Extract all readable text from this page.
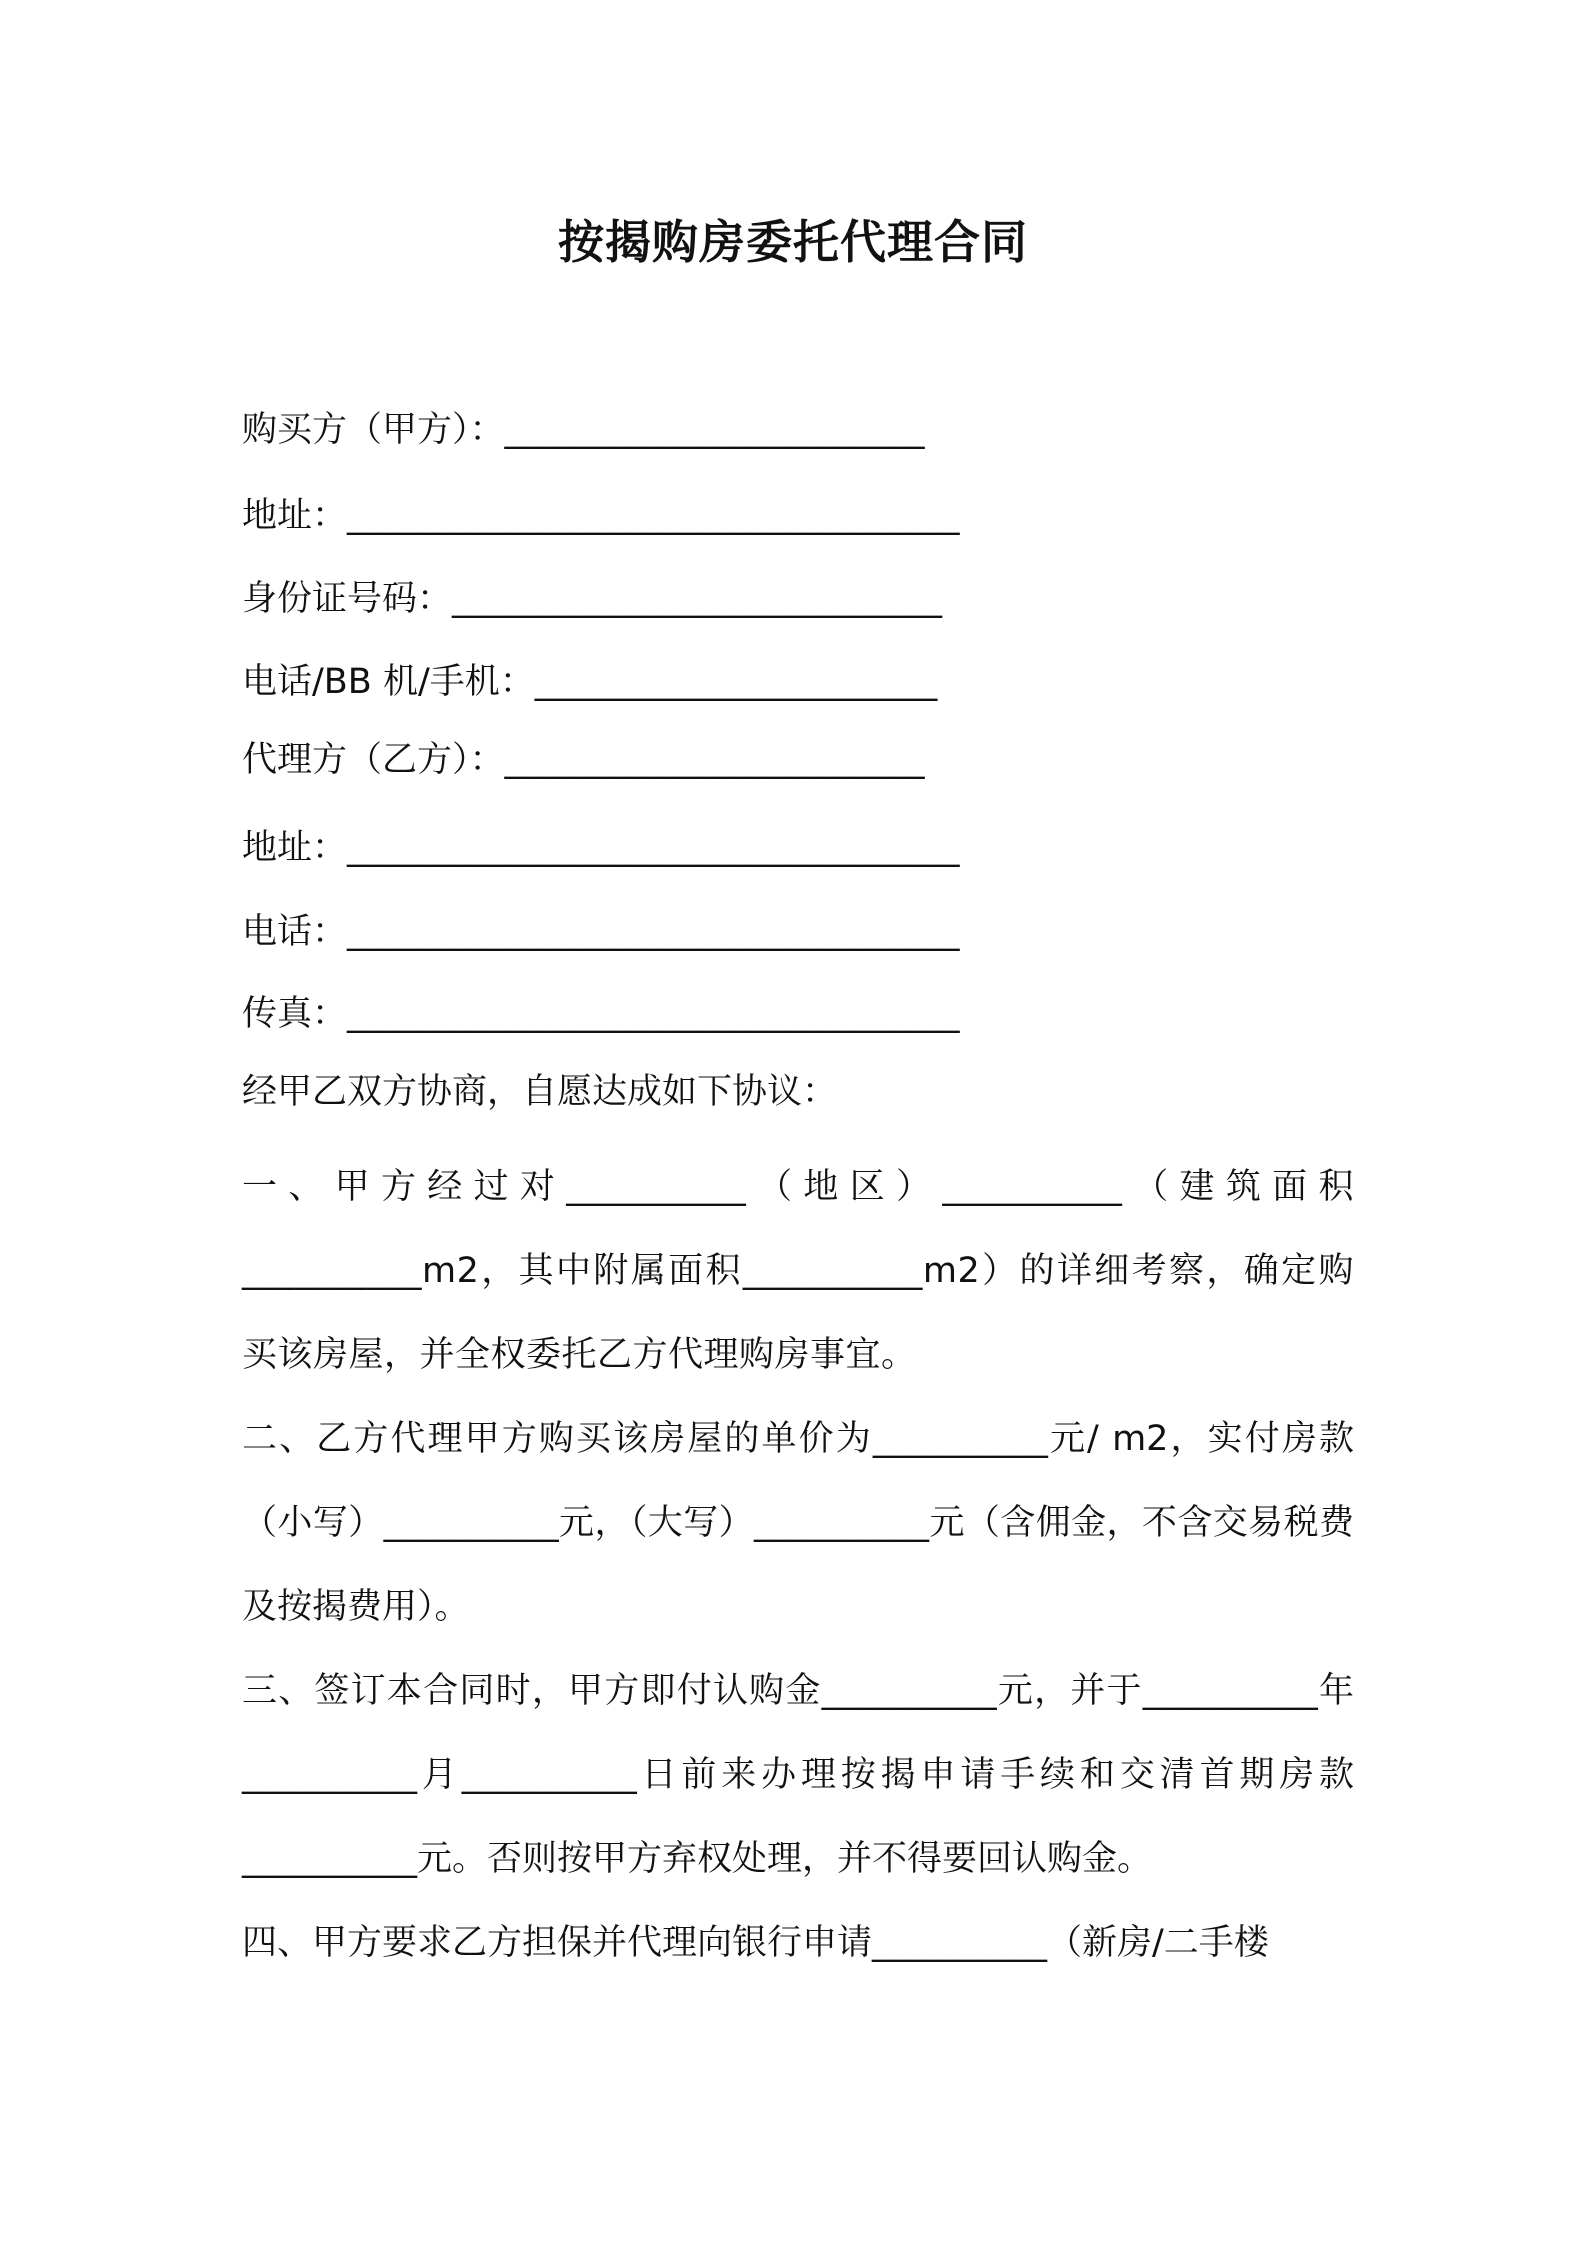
按揭购房委托代理合同
购买方（甲方）：________________________
地址：___________________________________
身份证号码：____________________________
电话/BB 机/手机：_______________________
代理方（乙方）：________________________
地址：___________________________________
电话：___________________________________
传真：___________________________________
经甲乙双方协商，自愿达成如下协议：
一、甲方经过对__________（地区）__________（建筑面积__________m2，其中附属面积__________m2）的详细考察，确定购买该房屋，并全权委托乙方代理购房事宜。
二、乙方代理甲方购买该房屋的单价为__________元/ m2，实付房款（小写）__________元，（大写）__________元（含佣金，不含交易税费及按揭费用）。
三、签订本合同时，甲方即付认购金__________元，并于__________年__________月__________日前来办理按揭申请手续和交清首期房款__________元。否则按甲方弃权处理，并不得要回认购金。
四、甲方要求乙方担保并代理向银行申请__________（新房/二手楼
